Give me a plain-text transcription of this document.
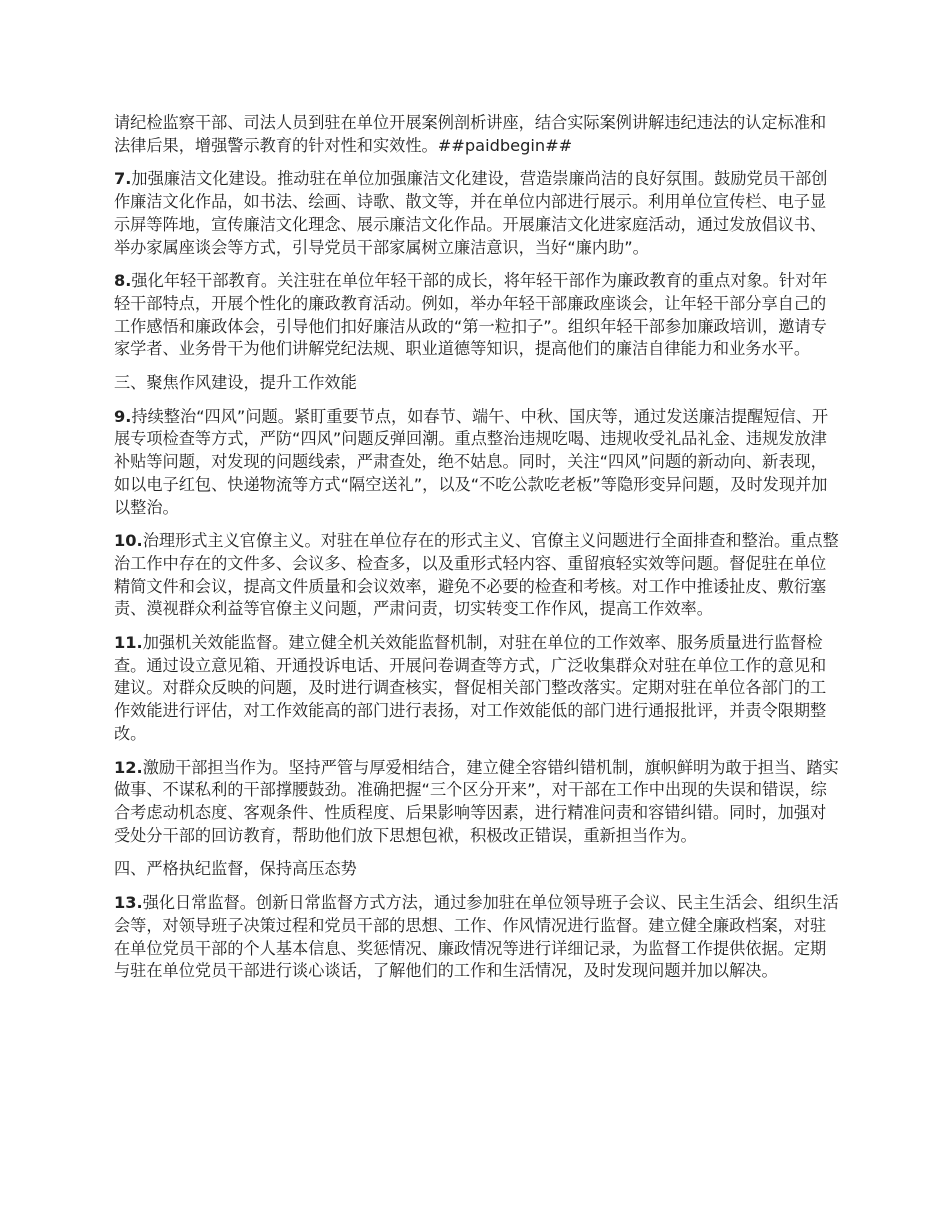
请纪检监察干部、司法人员到驻在单位开展案例剖析讲座，结合实际案例讲解违纪违法的认定标准和法律后果，增强警示教育的针对性和实效性。##paidbegin##

7.加强廉洁文化建设。推动驻在单位加强廉洁文化建设，营造崇廉尚洁的良好氛围。鼓励党员干部创作廉洁文化作品，如书法、绘画、诗歌、散文等，并在单位内部进行展示。利用单位宣传栏、电子显示屏等阵地，宣传廉洁文化理念、展示廉洁文化作品。开展廉洁文化进家庭活动，通过发放倡议书、举办家属座谈会等方式，引导党员干部家属树立廉洁意识，当好“廉内助”。

8.强化年轻干部教育。关注驻在单位年轻干部的成长，将年轻干部作为廉政教育的重点对象。针对年轻干部特点，开展个性化的廉政教育活动。例如，举办年轻干部廉政座谈会，让年轻干部分享自己的工作感悟和廉政体会，引导他们扣好廉洁从政的“第一粒扣子”。组织年轻干部参加廉政培训，邀请专家学者、业务骨干为他们讲解党纪法规、职业道德等知识，提高他们的廉洁自律能力和业务水平。

三、聚焦作风建设，提升工作效能

9.持续整治“四风”问题。紧盯重要节点，如春节、端午、中秋、国庆等，通过发送廉洁提醒短信、开展专项检查等方式，严防“四风”问题反弹回潮。重点整治违规吃喝、违规收受礼品礼金、违规发放津补贴等问题，对发现的问题线索，严肃查处，绝不姑息。同时，关注“四风”问题的新动向、新表现，如以电子红包、快递物流等方式“隔空送礼”，以及“不吃公款吃老板”等隐形变异问题，及时发现并加以整治。

10.治理形式主义官僚主义。对驻在单位存在的形式主义、官僚主义问题进行全面排查和整治。重点整治工作中存在的文件多、会议多、检查多，以及重形式轻内容、重留痕轻实效等问题。督促驻在单位精简文件和会议，提高文件质量和会议效率，避免不必要的检查和考核。对工作中推诿扯皮、敷衍塞责、漠视群众利益等官僚主义问题，严肃问责，切实转变工作作风，提高工作效率。

11.加强机关效能监督。建立健全机关效能监督机制，对驻在单位的工作效率、服务质量进行监督检查。通过设立意见箱、开通投诉电话、开展问卷调查等方式，广泛收集群众对驻在单位工作的意见和建议。对群众反映的问题，及时进行调查核实，督促相关部门整改落实。定期对驻在单位各部门的工作效能进行评估，对工作效能高的部门进行表扬，对工作效能低的部门进行通报批评，并责令限期整改。

12.激励干部担当作为。坚持严管与厚爱相结合，建立健全容错纠错机制，旗帜鲜明为敢于担当、踏实做事、不谋私利的干部撑腰鼓劲。准确把握“三个区分开来”，对干部在工作中出现的失误和错误，综合考虑动机态度、客观条件、性质程度、后果影响等因素，进行精准问责和容错纠错。同时，加强对受处分干部的回访教育，帮助他们放下思想包袱，积极改正错误，重新担当作为。

四、严格执纪监督，保持高压态势

13.强化日常监督。创新日常监督方式方法，通过参加驻在单位领导班子会议、民主生活会、组织生活会等，对领导班子决策过程和党员干部的思想、工作、作风情况进行监督。建立健全廉政档案，对驻在单位党员干部的个人基本信息、奖惩情况、廉政情况等进行详细记录，为监督工作提供依据。定期与驻在单位党员干部进行谈心谈话，了解他们的工作和生活情况，及时发现问题并加以解决。
